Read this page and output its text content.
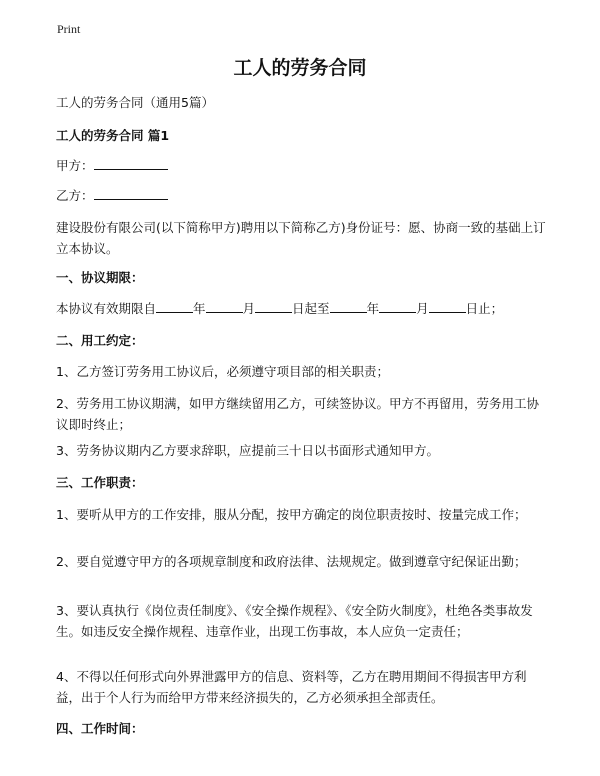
Print
工人的劳务合同
工人的劳务合同（通用5篇）
工人的劳务合同 篇1
甲方：
乙方：
建设股份有限公司(以下简称甲方)聘用以下简称乙方)身份证号：愿、协商一致的基础上订立本协议。
一、协议期限：
本协议有效期限自	年	月	日起至	年	月	日止；
二、用工约定：
1、乙方签订劳务用工协议后，必须遵守项目部的相关职责；
2、劳务用工协议期满，如甲方继续留用乙方，可续签协议。甲方不再留用，劳务用工协议即时终止；
3、劳务协议期内乙方要求辞职，应提前三十日以书面形式通知甲方。
三、工作职责：
1、要听从甲方的工作安排，服从分配，按甲方确定的岗位职责按时、按量完成工作；
2、要自觉遵守甲方的各项规章制度和政府法律、法规规定。做到遵章守纪保证出勤；
3、要认真执行《岗位责任制度》、《安全操作规程》、《安全防火制度》，杜绝各类事故发生。如违反安全操作规程、违章作业，出现工伤事故，本人应负一定责任；
4、不得以任何形式向外界泄露甲方的信息、资料等，乙方在聘用期间不得损害甲方利益，出于个人行为而给甲方带来经济损失的，乙方必须承担全部责任。
四、工作时间：
